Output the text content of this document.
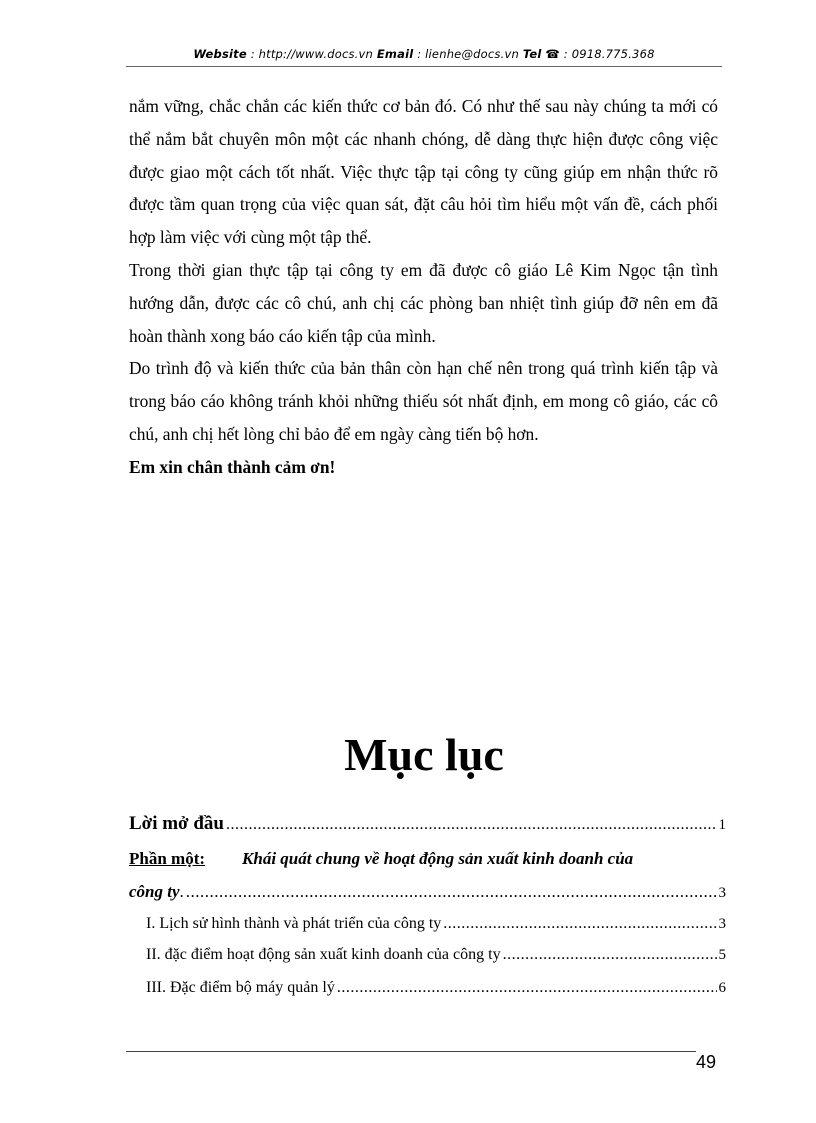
Website : http://www.docs.vn Email : lienhe@docs.vn Tel ☎ : 0918.775.368

nắm vững, chắc chắn các kiến thức cơ bản đó. Có như thế sau này chúng ta mới có thể nắm bắt chuyên môn một các nhanh chóng, dễ dàng thực hiện được công việc được giao một cách tốt nhất. Việc thực tập tại công ty cũng giúp em nhận thức rõ được tầm quan trọng của việc quan sát, đặt câu hỏi tìm hiểu một vấn đề, cách phối hợp làm việc với cùng một tập thể.

Trong thời gian thực tập tại công ty em đã được cô giáo Lê Kim Ngọc tận tình hướng dẫn, được các cô chú, anh chị các phòng ban nhiệt tình giúp đỡ nên em đã hoàn thành xong báo cáo kiến tập của mình.

Do trình độ và kiến thức của bản thân còn hạn chế nên trong quá trình kiến tập và trong báo cáo không tránh khỏi những thiếu sót nhất định, em mong cô giáo, các cô chú, anh chị hết lòng chỉ bảo để em ngày càng tiến bộ hơn.

Em xin chân thành cảm ơn!

Mục lục
Lời mở đầu .....	1
Phần một: Khái quát chung về hoạt động sản xuất kinh doanh của
công ty . .....	3
I. Lịch sử hình thành và phát triển của công ty .....	3
II. đặc điểm hoạt động sản xuất kinh doanh của công ty .....	5
III. Đặc điểm bộ máy quản lý .....	6
49
